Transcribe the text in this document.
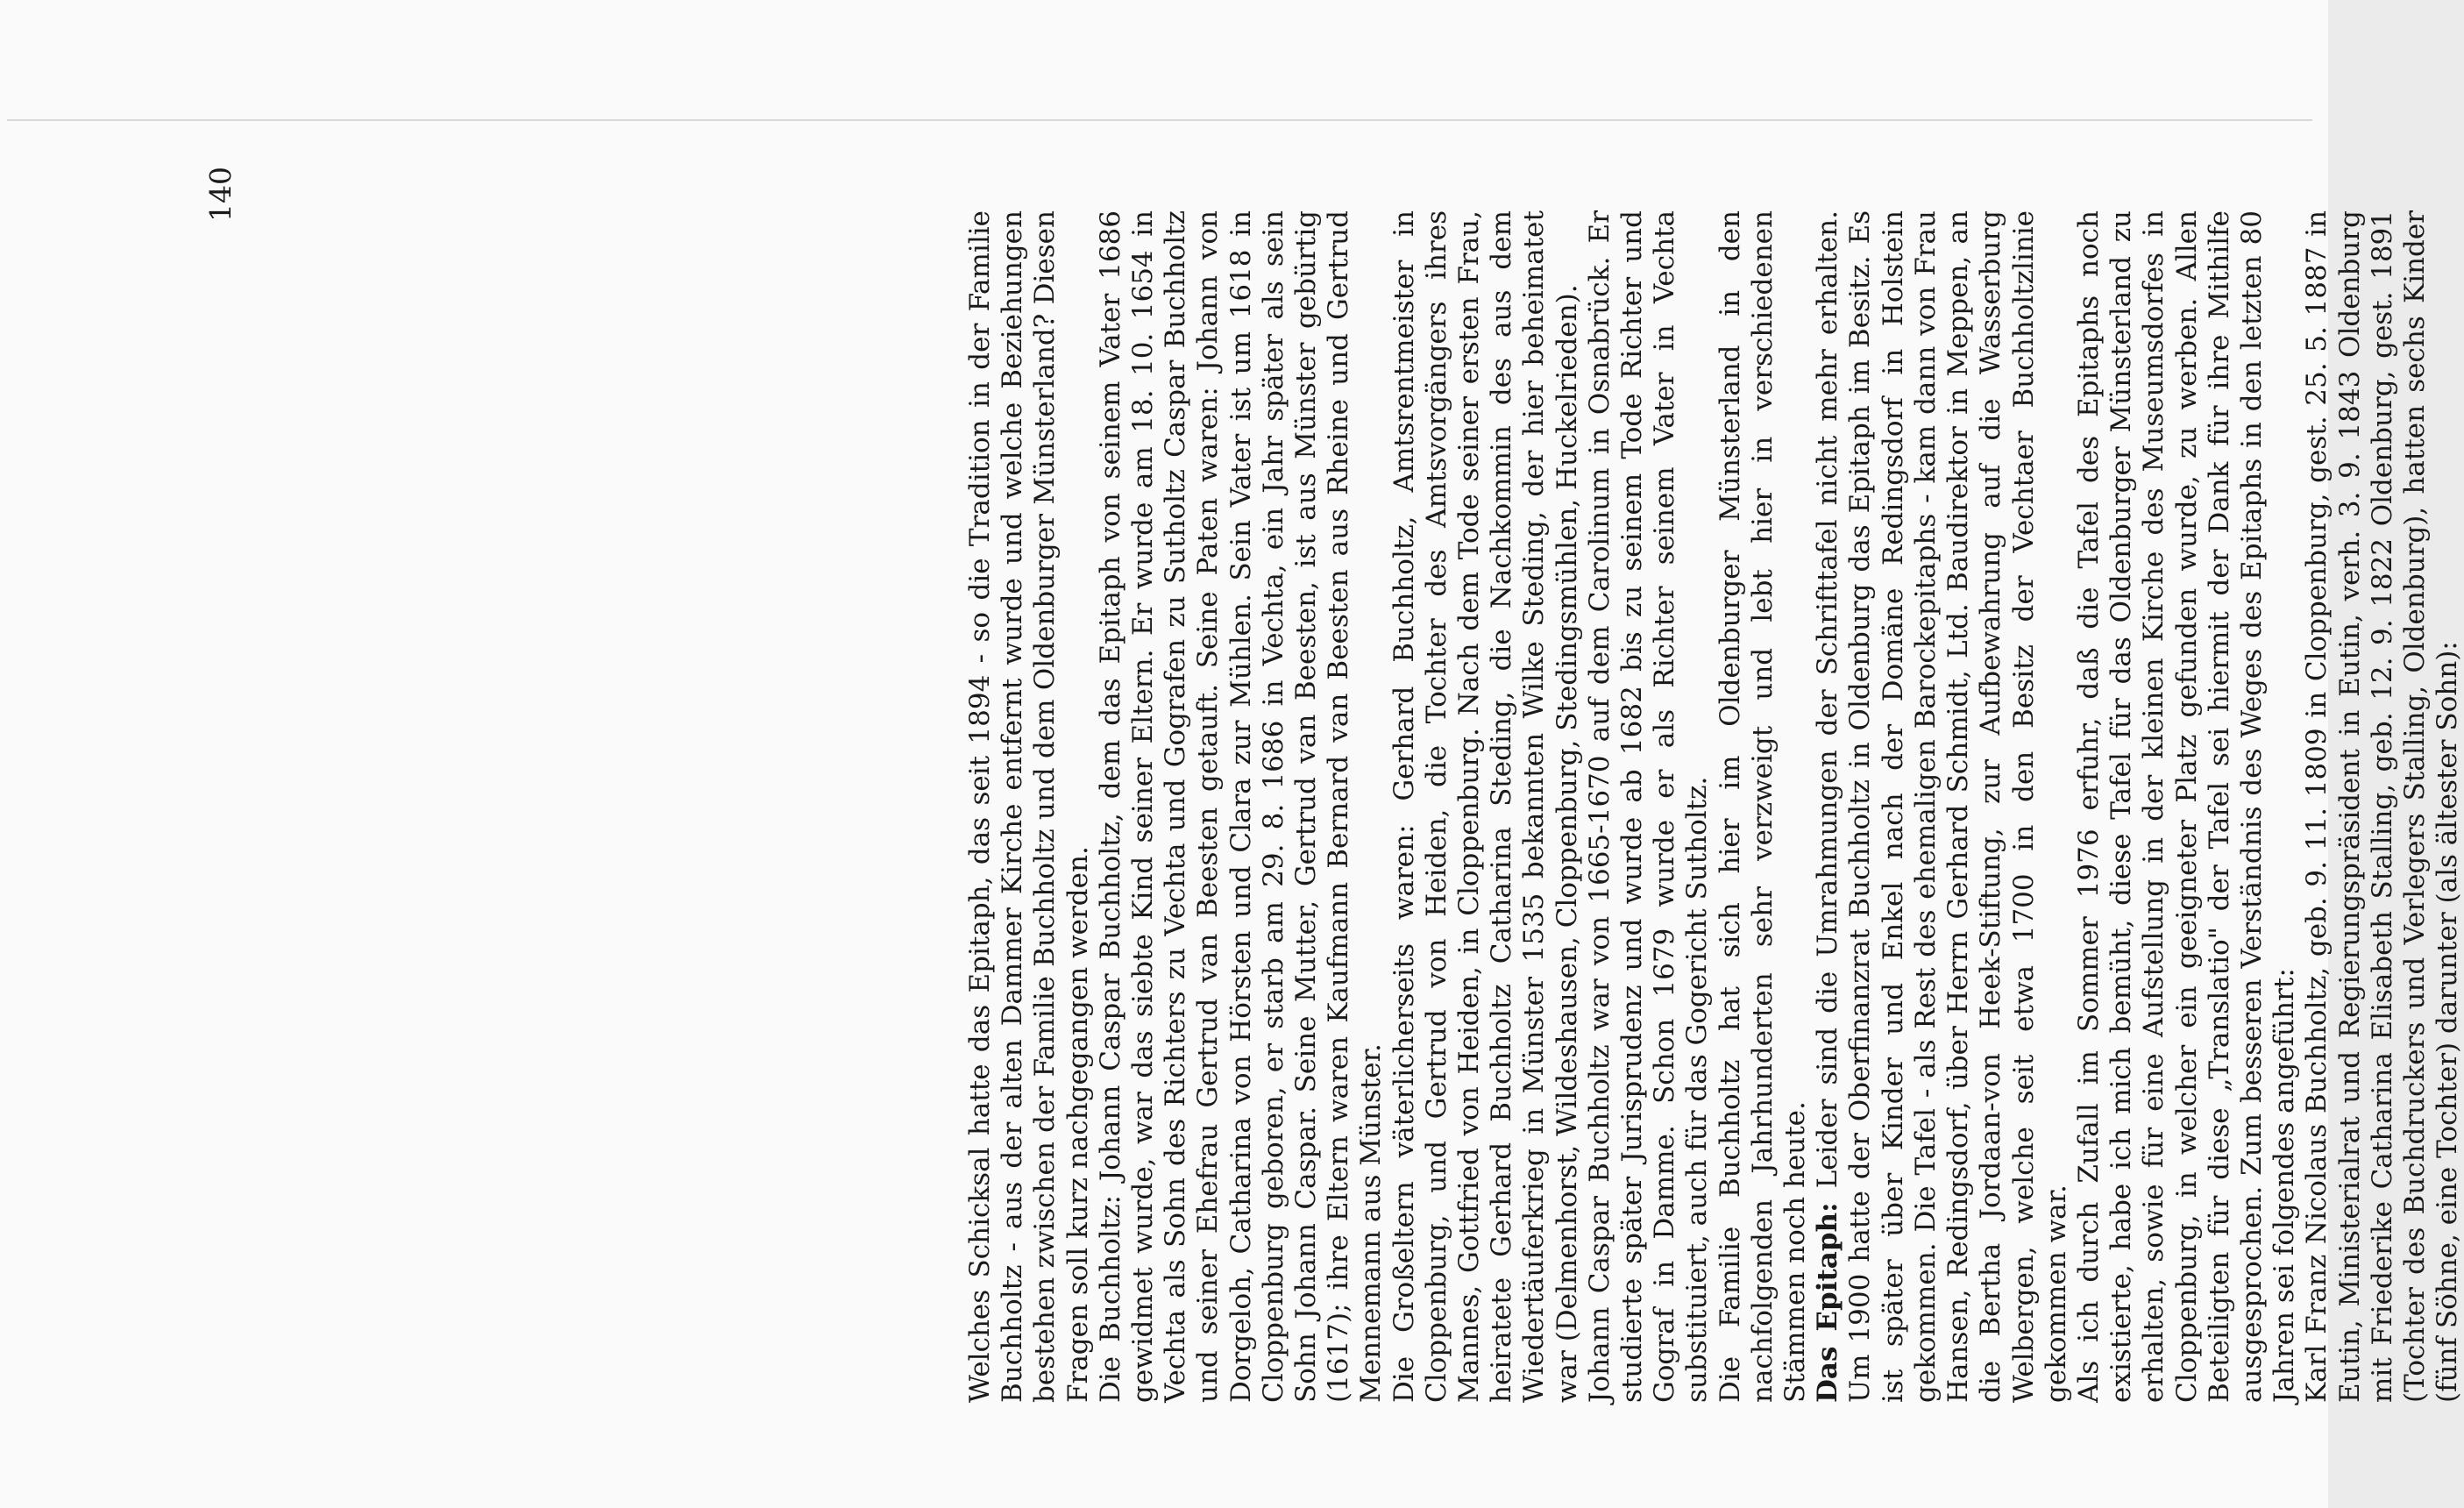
Welches Schicksal hatte das Epitaph, das seit 1894 - so die Tradition in der Familie Buchholtz - aus der alten Dammer Kirche entfernt wurde und welche Beziehungen bestehen zwischen der Familie Buchholtz und dem Oldenburger Münsterland? Diesen Fragen soll kurz nachgegangen werden. Die Buchholtz: Johann Caspar Buchholtz, dem das Epitaph von seinem Vater 1686 gewidmet wurde, war das siebte Kind seiner Eltern. Er wurde am 18. 10. 1654 in Vechta als Sohn des Richters zu Vechta und Gografen zu Sutholtz Caspar Buchholtz und seiner Ehefrau Gertrud van Beesten getauft. Seine Paten waren: Johann von Dorgeloh, Catharina von Hörsten und Clara zur Mühlen. Sein Vater ist um 1618 in Cloppenburg geboren, er starb am 29. 8. 1686 in Vechta, ein Jahr später als sein Sohn Johann Caspar. Seine Mutter, Gertrud van Beesten, ist aus Münster gebürtig (1617); ihre Eltern waren Kaufmann Bernard van Beesten aus Rheine und Gertrud Mennemann aus Münster. Die Großeltern väterlicherseits waren: Gerhard Buchholtz, Amtsrentmeister in Cloppenburg, und Gertrud von Heiden, die Tochter des Amtsvorgängers ihres Mannes, Gottfried von Heiden, in Cloppenburg. Nach dem Tode seiner ersten Frau, heiratete Gerhard Buchholtz Catharina Steding, die Nachkommin des aus dem Wiedertäuferkrieg in Münster 1535 bekannten Wilke Steding, der hier beheimatet war (Delmenhorst, Wildeshausen, Cloppenburg, Stedingsmühlen, Huckelrieden). Johann Caspar Buchholtz war von 1665-1670 auf dem Carolinum in Osnabrück. Er studierte später Jurisprudenz und wurde ab 1682 bis zu seinem Tode Richter und Gograf in Damme. Schon 1679 wurde er als Richter seinem Vater in Vechta substituiert, auch für das Gogericht Sutholtz. Die Familie Buchholtz hat sich hier im Oldenburger Münsterland in den nachfolgenden Jahrhunderten sehr verzweigt und lebt hier in verschiedenen Stämmen noch heute. Das Epitaph: Leider sind die Umrahmungen der Schrifttafel nicht mehr erhalten. Um 1900 hatte der Oberfinanzrat Buchholtz in Oldenburg das Epitaph im Besitz. Es ist später über Kinder und Enkel nach der Domäne Redingsdorf in Holstein gekommen. Die Tafel - als Rest des ehemaligen Barockepitaphs - kam dann von Frau Hansen, Redingsdorf, über Herrn Gerhard Schmidt, Ltd. Baudirektor in Meppen, an die Bertha Jordaan-von Heek-Stiftung, zur Aufbewahrung auf die Wasserburg Welbergen, welche seit etwa 1700 in den Besitz der Vechtaer Buchholtzlinie gekommen war. Als ich durch Zufall im Sommer 1976 erfuhr, daß die Tafel des Epitaphs noch existierte, habe ich mich bemüht, diese Tafel für das Oldenburger Münsterland zu erhalten, sowie für eine Aufstellung in der kleinen Kirche des Museumsdorfes in Cloppenburg, in welcher ein geeigneter Platz gefunden wurde, zu werben. Allen Beteiligten für diese „Translatio" der Tafel sei hiermit der Dank für ihre Mithilfe ausgesprochen. Zum besseren Verständnis des Weges des Epitaphs in den letzten 80 Jahren sei folgendes angeführt: Karl Franz Nicolaus Buchholtz, geb. 9. 11. 1809 in Cloppenburg, gest. 25. 5. 1887 in Eutin, Ministerialrat und Regierungspräsident in Eutin, verh. 3. 9. 1843 Oldenburg mit Friederike Catharina Elisabeth Stalling, geb. 12. 9. 1822 Oldenburg, gest. 1891 (Tochter des Buchdruckers und Verlegers Stalling, Oldenburg), hatten sechs Kinder (fünf Söhne, eine Tochter) darunter (als ältester Sohn):

140
